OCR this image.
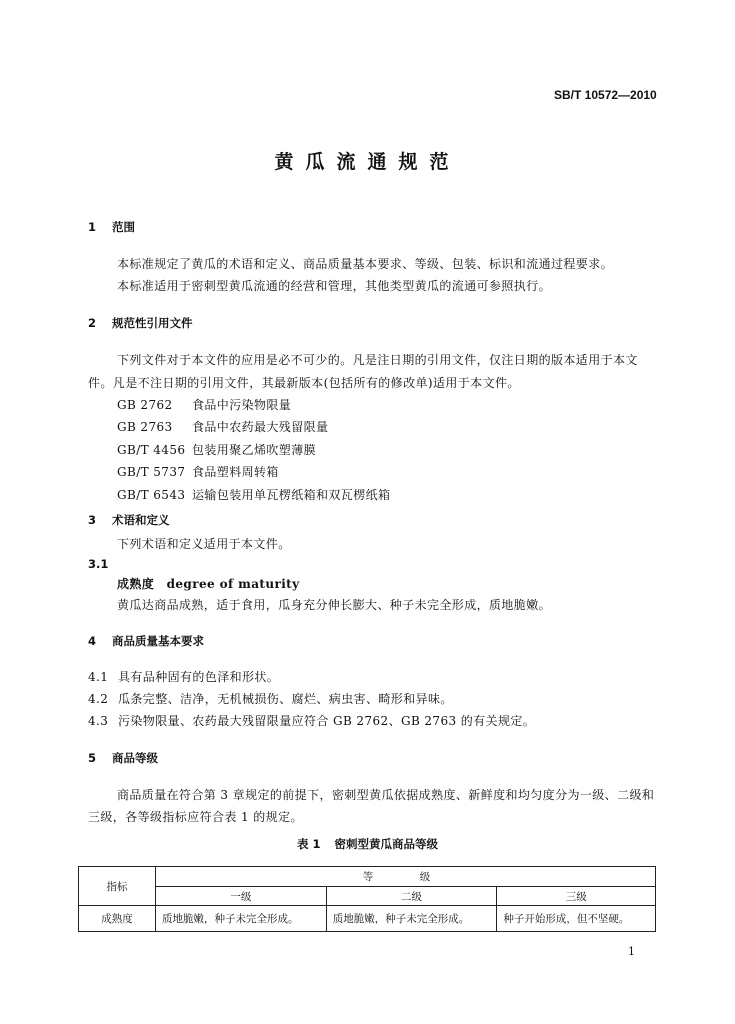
SB/T 10572—2010
黄瓜流通规范
1 范围
本标准规定了黄瓜的术语和定义、商品质量基本要求、等级、包装、标识和流通过程要求。
本标准适用于密刺型黄瓜流通的经营和管理，其他类型黄瓜的流通可参照执行。
2 规范性引用文件
下列文件对于本文件的应用是必不可少的。凡是注日期的引用文件，仅注日期的版本适用于本文
件。凡是不注日期的引用文件，其最新版本(包括所有的修改单)适用于本文件。
GB 2762 食品中污染物限量
GB 2763 食品中农药最大残留限量
GB/T 4456 包装用聚乙烯吹塑薄膜
GB/T 5737 食品塑料周转箱
GB/T 6543 运输包装用单瓦楞纸箱和双瓦楞纸箱
3 术语和定义
下列术语和定义适用于本文件。
3.1
成熟度　degree of maturity
黄瓜达商品成熟，适于食用，瓜身充分伸长膨大、种子未完全形成，质地脆嫩。
4 商品质量基本要求
4.1 具有品种固有的色泽和形状。
4.2 瓜条完整、洁净，无机械损伤、腐烂、病虫害、畸形和异味。
4.3 污染物限量、农药最大残留限量应符合 GB 2762、GB 2763 的有关规定。
5 商品等级
商品质量在符合第 3 章规定的前提下，密刺型黄瓜依据成熟度、新鲜度和均匀度分为一级、二级和
三级，各等级指标应符合表 1 的规定。
表 1 密刺型黄瓜商品等级
指标	等　级		
	一级	二级	三级
成熟度	质地脆嫩，种子未完全形成。	质地脆嫩，种子未完全形成。	种子开始形成，但不坚硬。
1
